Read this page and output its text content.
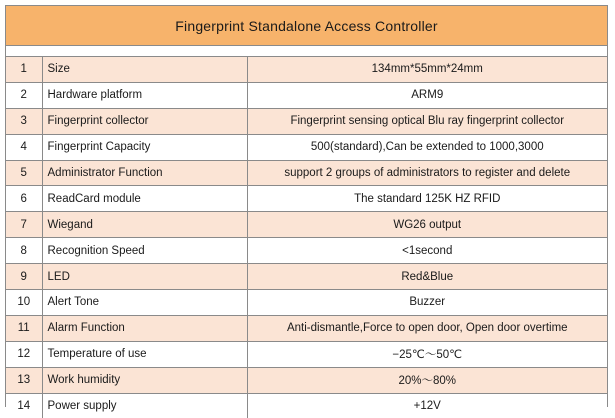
Fingerprint Standalone Access Controller
1	Size	134mm*55mm*24mm
2	Hardware platform	ARM9
3	Fingerprint collector	Fingerprint sensing optical Blu ray fingerprint collector
4	Fingerprint Capacity	500(standard),Can be extended to 1000,3000
5	Administrator Function	support 2 groups of administrators to register and delete
6	ReadCard module	The standard 125K HZ RFID
7	Wiegand	WG26 output
8	Recognition Speed	<1second
9	LED	Red&Blue
10	Alert Tone	Buzzer
11	Alarm Function	Anti-dismantle,Force to open door, Open door overtime
12	Temperature of use	−25℃～50℃
13	Work humidity	20%～80%
14	Power supply	+12V
